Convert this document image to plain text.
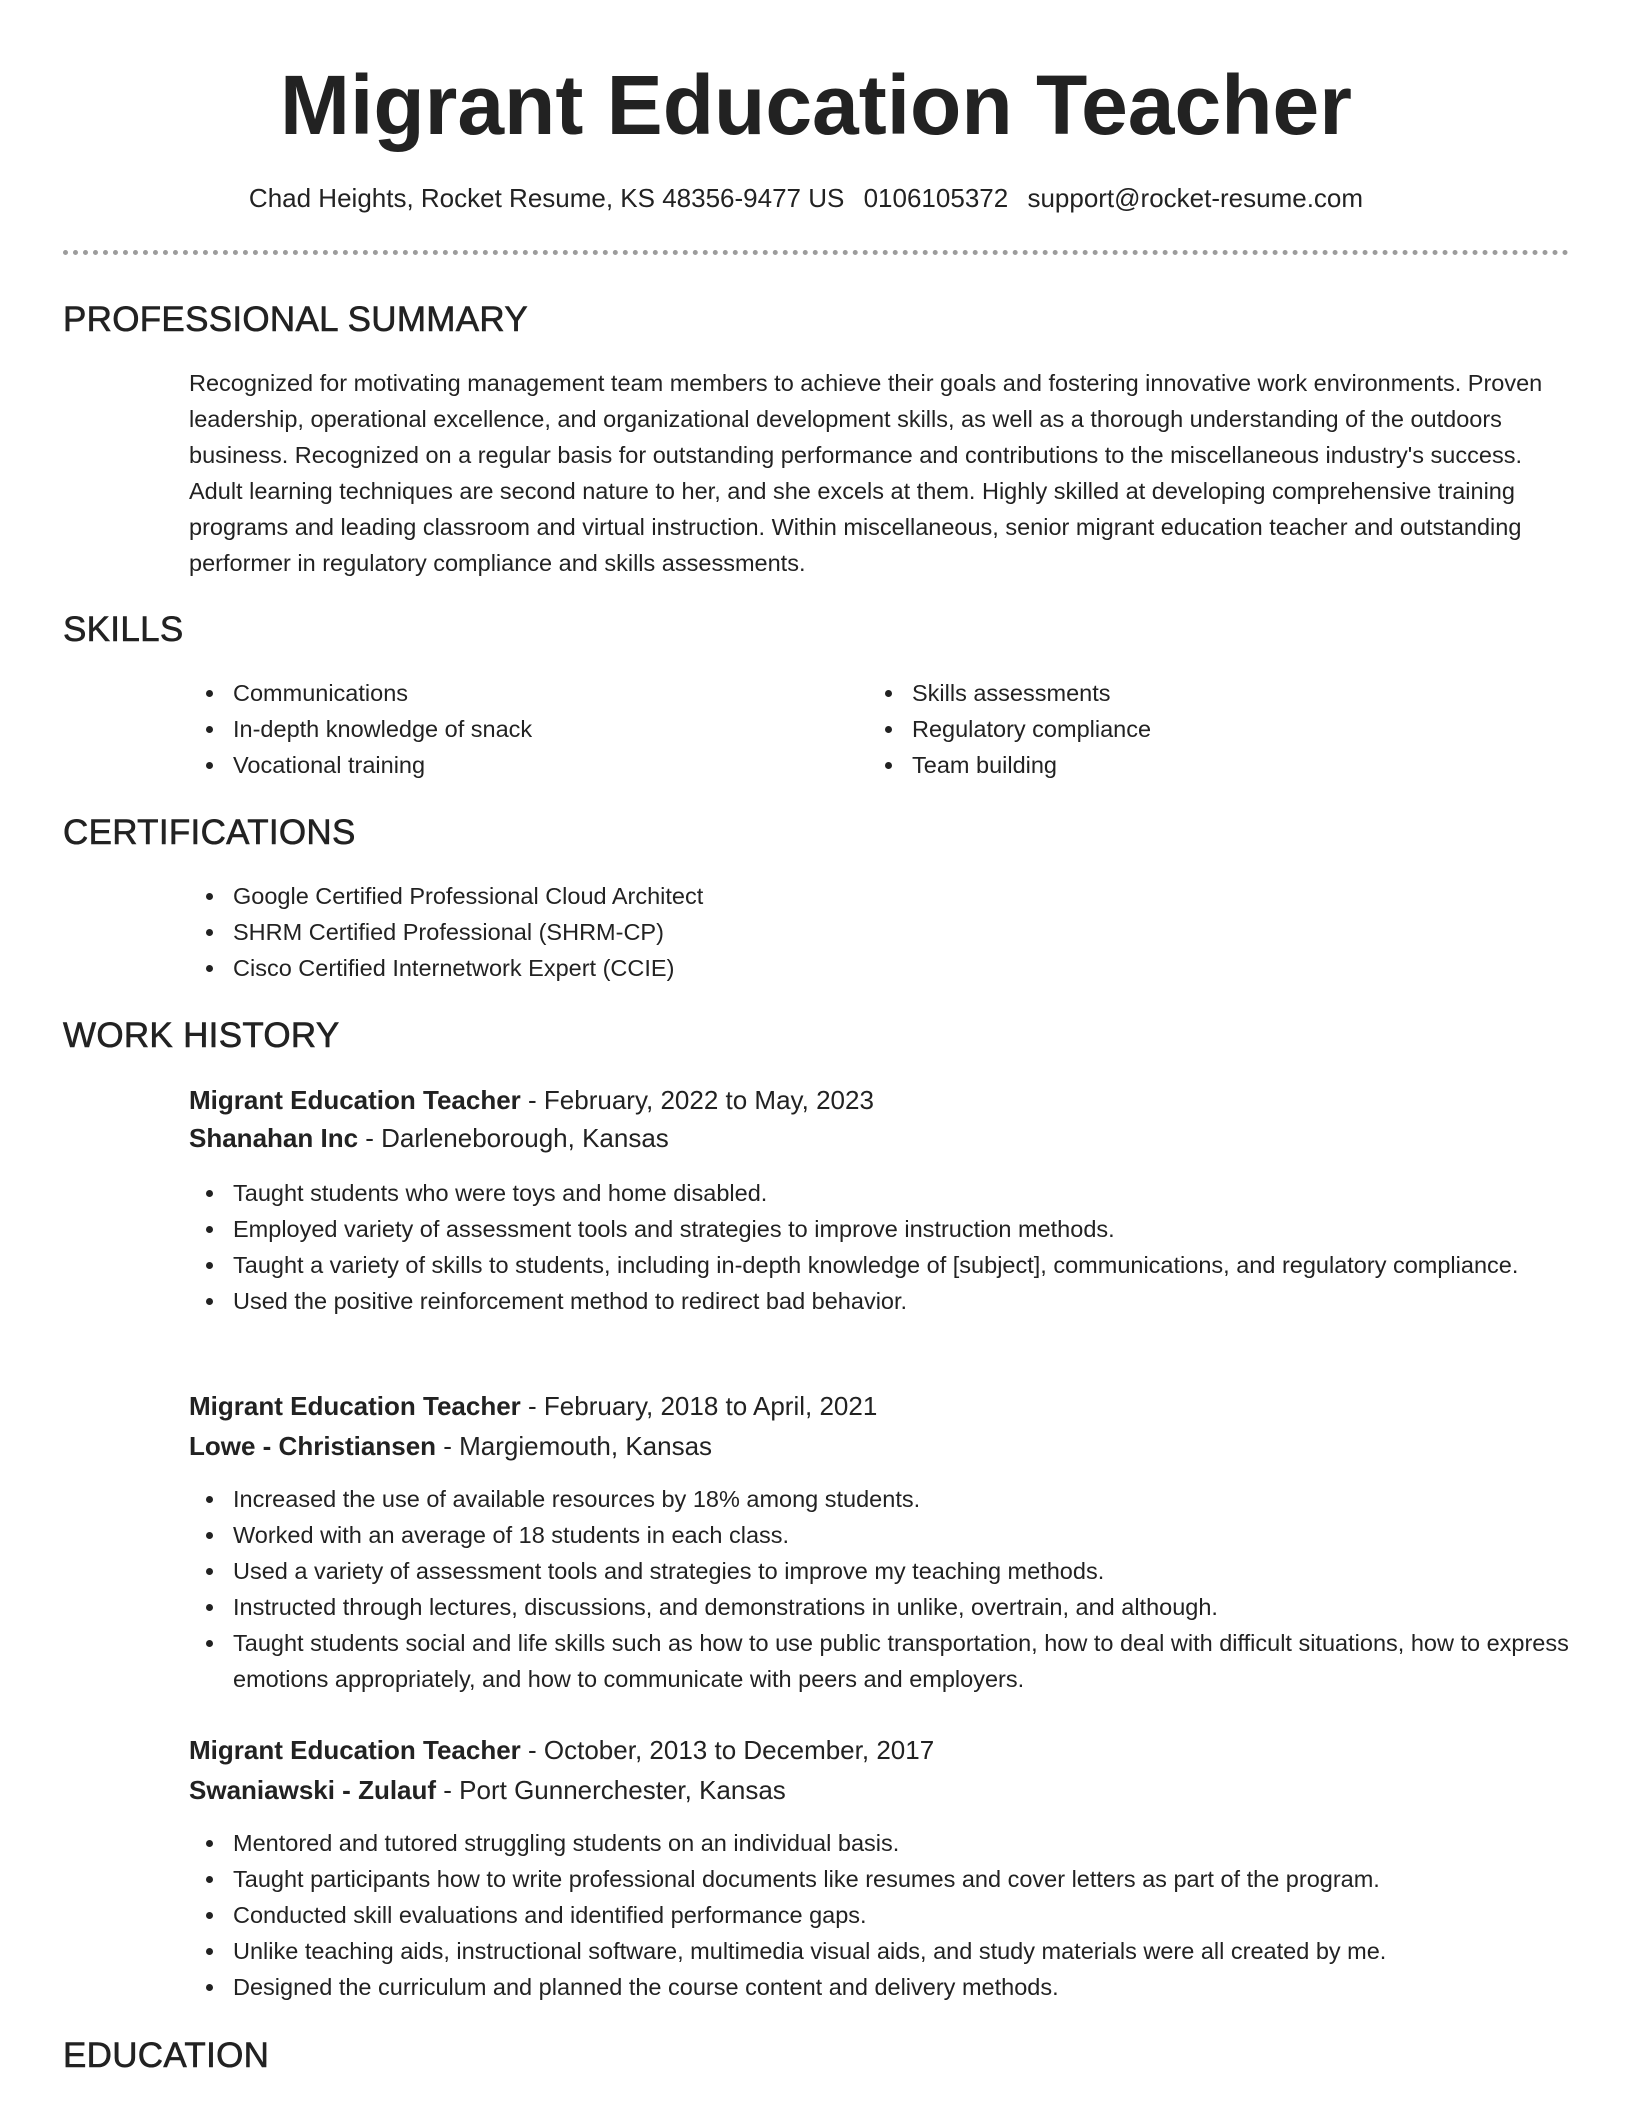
Migrant Education Teacher
Chad Heights, Rocket Resume, KS 48356-9477 US 0106105372 support@rocket-resume.com
PROFESSIONAL SUMMARY

Recognized for motivating management team members to achieve their goals and fostering innovative work environments. Proven leadership, operational excellence, and organizational development skills, as well as a thorough understanding of the outdoors business. Recognized on a regular basis for outstanding performance and contributions to the miscellaneous industry's success. Adult learning techniques are second nature to her, and she excels at them. Highly skilled at developing comprehensive training programs and leading classroom and virtual instruction. Within miscellaneous, senior migrant education teacher and outstanding performer in regulatory compliance and skills assessments.

SKILLS
Communications
In-depth knowledge of snack
Vocational training
Skills assessments
Regulatory compliance
Team building
CERTIFICATIONS
Google Certified Professional Cloud Architect
SHRM Certified Professional (SHRM-CP)
Cisco Certified Internetwork Expert (CCIE)
WORK HISTORY
Migrant Education Teacher - February, 2022 to May, 2023
Shanahan Inc - Darleneborough, Kansas
Taught students who were toys and home disabled.
Employed variety of assessment tools and strategies to improve instruction methods.
Taught a variety of skills to students, including in-depth knowledge of [subject], communications, and regulatory compliance.
Used the positive reinforcement method to redirect bad behavior.
Migrant Education Teacher - February, 2018 to April, 2021
Lowe - Christiansen - Margiemouth, Kansas
Increased the use of available resources by 18% among students.
Worked with an average of 18 students in each class.
Used a variety of assessment tools and strategies to improve my teaching methods.
Instructed through lectures, discussions, and demonstrations in unlike, overtrain, and although.
Taught students social and life skills such as how to use public transportation, how to deal with difficult situations, how to express emotions appropriately, and how to communicate with peers and employers.
Migrant Education Teacher - October, 2013 to December, 2017
Swaniawski - Zulauf - Port Gunnerchester, Kansas
Mentored and tutored struggling students on an individual basis.
Taught participants how to write professional documents like resumes and cover letters as part of the program.
Conducted skill evaluations and identified performance gaps.
Unlike teaching aids, instructional software, multimedia visual aids, and study materials were all created by me.
Designed the curriculum and planned the course content and delivery methods.
EDUCATION
